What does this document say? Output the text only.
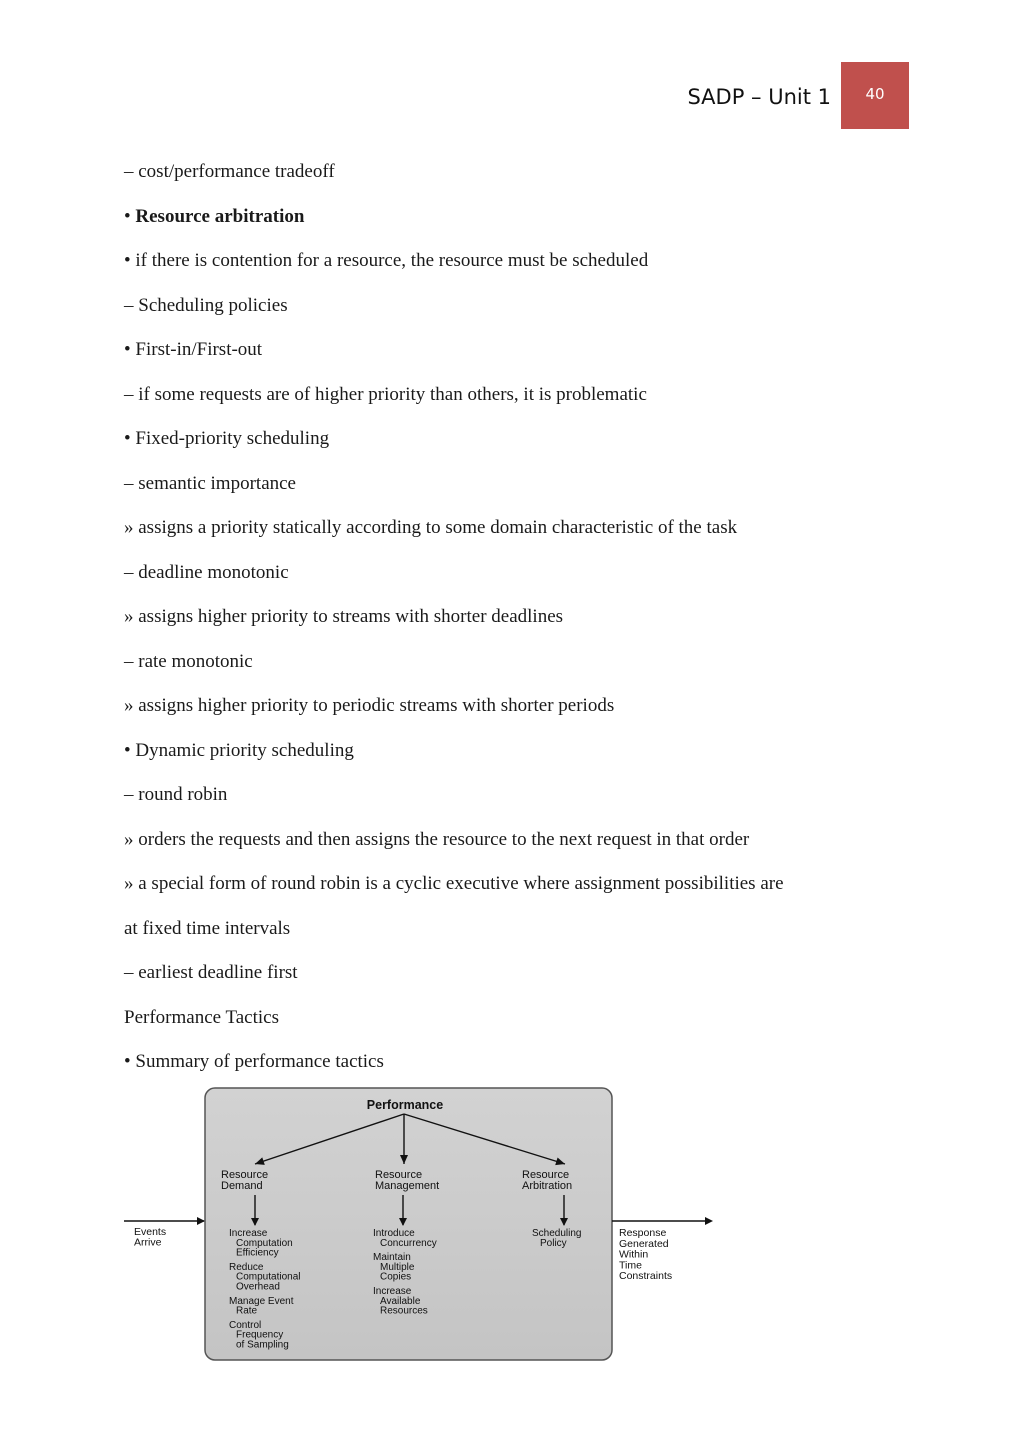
SADP – Unit 1 40
– cost/performance tradeoff
• Resource arbitration
• if there is contention for a resource, the resource must be scheduled
– Scheduling policies
• First-in/First-out
– if some requests are of higher priority than others, it is problematic
• Fixed-priority scheduling
– semantic importance
» assigns a priority statically according to some domain characteristic of the task
– deadline monotonic
» assigns higher priority to streams with shorter deadlines
– rate monotonic
» assigns higher priority to periodic streams with shorter periods
• Dynamic priority scheduling
– round robin
» orders the requests and then assigns the resource to the next request in that order
» a special form of round robin is a cyclic executive where assignment possibilities are
at fixed time intervals
– earliest deadline first
Performance Tactics
• Summary of performance tactics
Performance
Resource
Demand
Resource
Management
Resource
Arbitration
Increase
Computation
Efficiency
Reduce
Computational
Overhead
Manage Event
Rate
Control
Frequency
of Sampling
Introduce
Concurrency
Maintain
Multiple
Copies
Increase
Available
Resources
Scheduling
Policy
Events
Arrive
Response
Generated
Within
Time
Constraints
